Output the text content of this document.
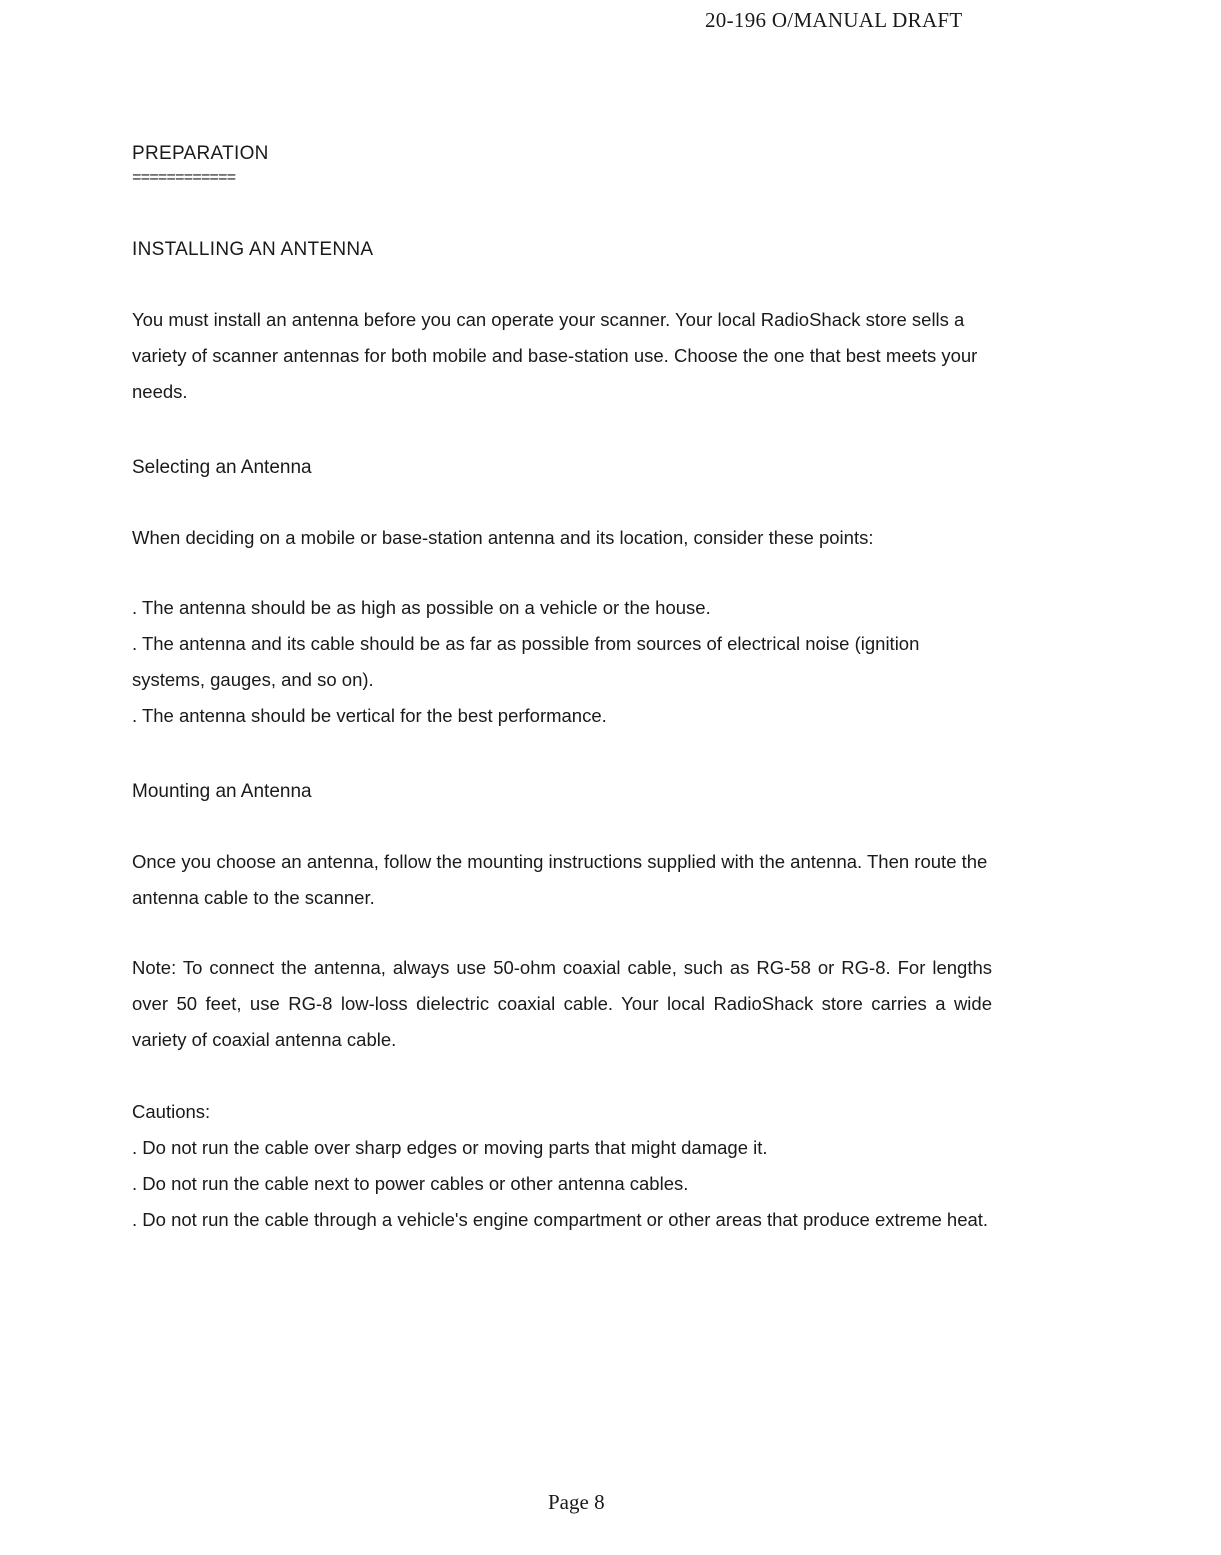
20-196 O/MANUAL DRAFT
PREPARATION
============
INSTALLING AN ANTENNA

You must install an antenna before you can operate your scanner. Your local RadioShack store sells a variety of scanner antennas for both mobile and base-station use. Choose the one that best meets your needs.

Selecting an Antenna

When deciding on a mobile or base-station antenna and its location, consider these points:

. The antenna should be as high as possible on a vehicle or the house.
. The antenna and its cable should be as far as possible from sources of electrical noise (ignition systems, gauges, and so on).
. The antenna should be vertical for the best performance.
Mounting an Antenna

Once you choose an antenna, follow the mounting instructions supplied with the antenna. Then route the antenna cable to the scanner.

Note: To connect the antenna, always use 50-ohm coaxial cable, such as RG-58 or RG-8. For lengths over 50 feet, use RG-8 low-loss dielectric coaxial cable. Your local RadioShack store carries a wide variety of coaxial antenna cable.

Cautions:
. Do not run the cable over sharp edges or moving parts that might damage it.
. Do not run the cable next to power cables or other antenna cables.
. Do not run the cable through a vehicle's engine compartment or other areas that produce extreme heat.
Page 8
